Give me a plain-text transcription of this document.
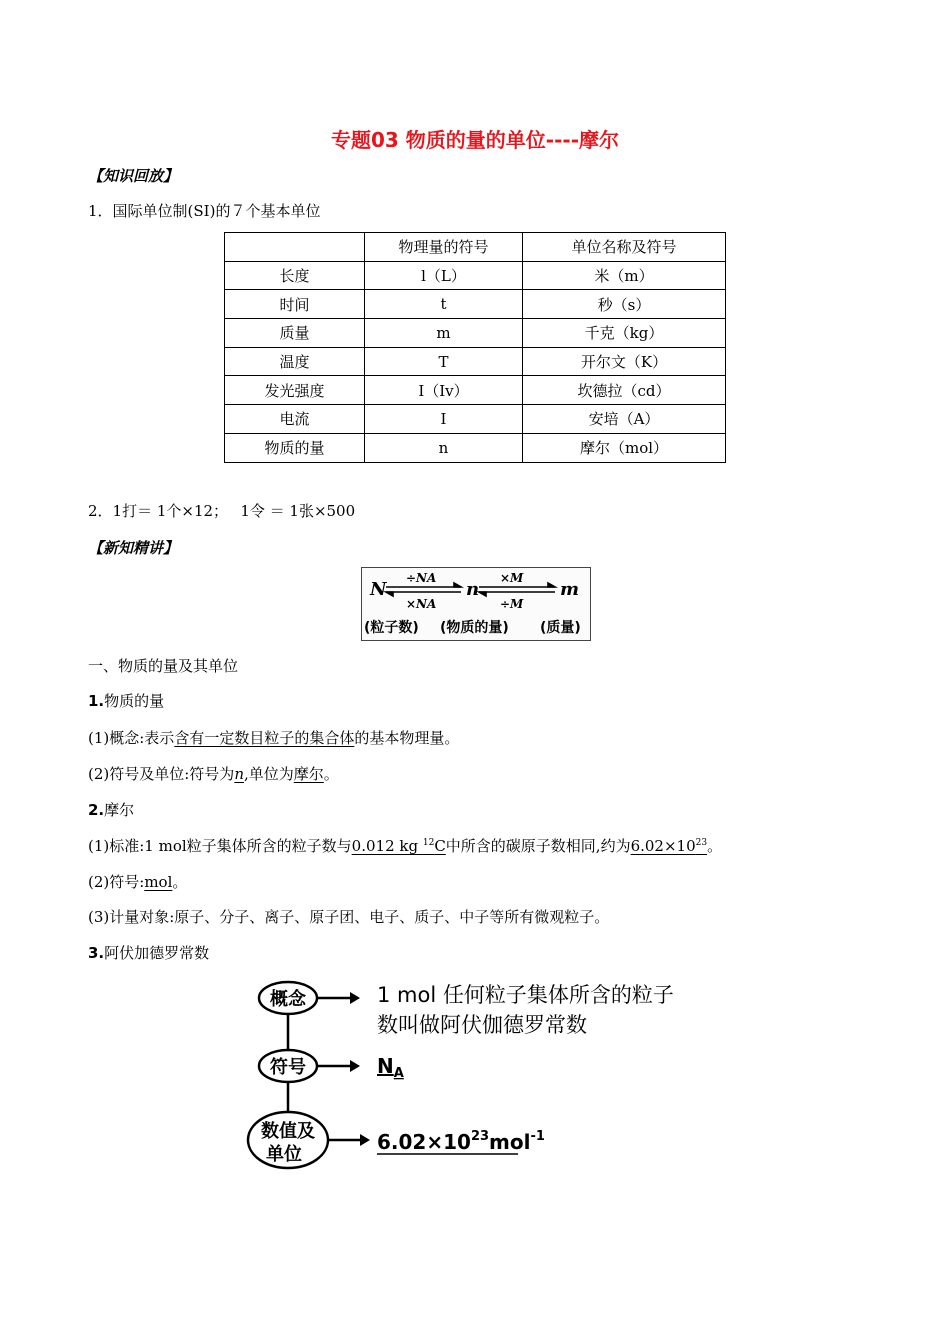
专题03 物质的量的单位----摩尔
【知识回放】
1．国际单位制(SI)的７个基本单位
	物理量的符号	单位名称及符号
长度	l（L）	米（m）
时间	t	秒（s）
质量	m	千克（kg）
温度	T	开尔文（K）
发光强度	I（Iv）	坎德拉（cd）
电流	I	安培（A）
物质的量	n	摩尔（mol）
2．1打＝ 1个×12；　 1令 ＝ 1张×500
【新知精讲】
N	n	m
÷NA
×NA
×M
÷M
(粒子数) (物质的量) (质量)
一、物质的量及其单位
1.物质的量
(1)概念:表示含有一定数目粒子的集合体的基本物理量。
(2)符号及单位:符号为n,单位为摩尔。
2.摩尔
(1)标准:1 mol粒子集体所含的粒子数与0.012 kg $^{12}$C中所含的碳原子数相同,约为$6.02\times 10^{23}$。
(2)符号:mol。
(3)计量对象:原子、分子、离子、原子团、电子、质子、中子等所有微观粒子。
3.阿伏加德罗常数
概念
符号
数值及
单位
1 mol 任何粒子集体所含的粒子
数叫做阿伏伽德罗常数
$N_A$
$6.02\times 10^{23}mol^{-1}$
